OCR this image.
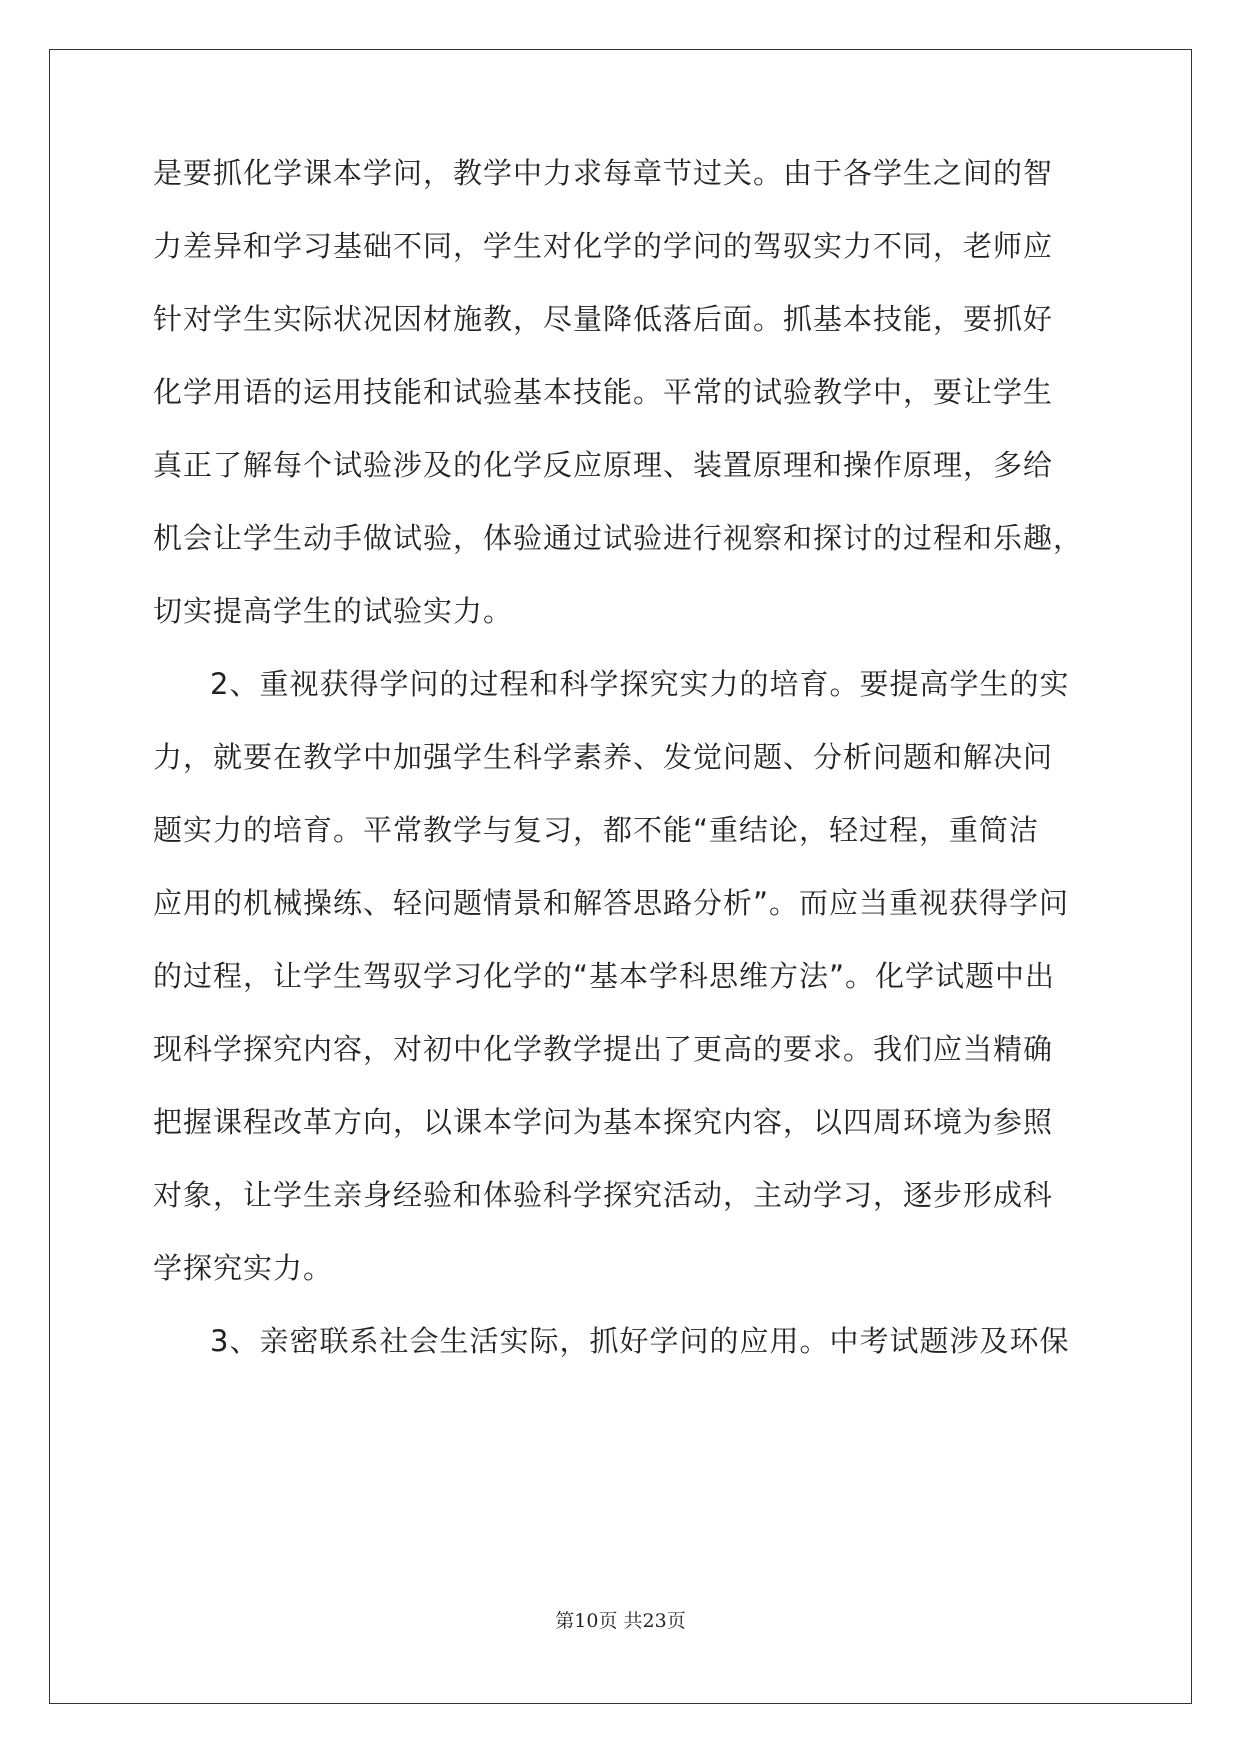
是要抓化学课本学问，教学中力求每章节过关。由于各学生之间的智

力差异和学习基础不同，学生对化学的学问的驾驭实力不同，老师应

针对学生实际状况因材施教，尽量降低落后面。抓基本技能，要抓好

化学用语的运用技能和试验基本技能。平常的试验教学中，要让学生

真正了解每个试验涉及的化学反应原理、装置原理和操作原理，多给

机会让学生动手做试验，体验通过试验进行视察和探讨的过程和乐趣，

切实提高学生的试验实力。

2、重视获得学问的过程和科学探究实力的培育。要提高学生的实

力，就要在教学中加强学生科学素养、发觉问题、分析问题和解决问

题实力的培育。平常教学与复习，都不能“重结论，轻过程，重简洁

应用的机械操练、轻问题情景和解答思路分析”。而应当重视获得学问

的过程，让学生驾驭学习化学的“基本学科思维方法”。化学试题中出

现科学探究内容，对初中化学教学提出了更高的要求。我们应当精确

把握课程改革方向，以课本学问为基本探究内容，以四周环境为参照

对象，让学生亲身经验和体验科学探究活动，主动学习，逐步形成科

学探究实力。

3、亲密联系社会生活实际，抓好学问的应用。中考试题涉及环保

第10页 共23页
